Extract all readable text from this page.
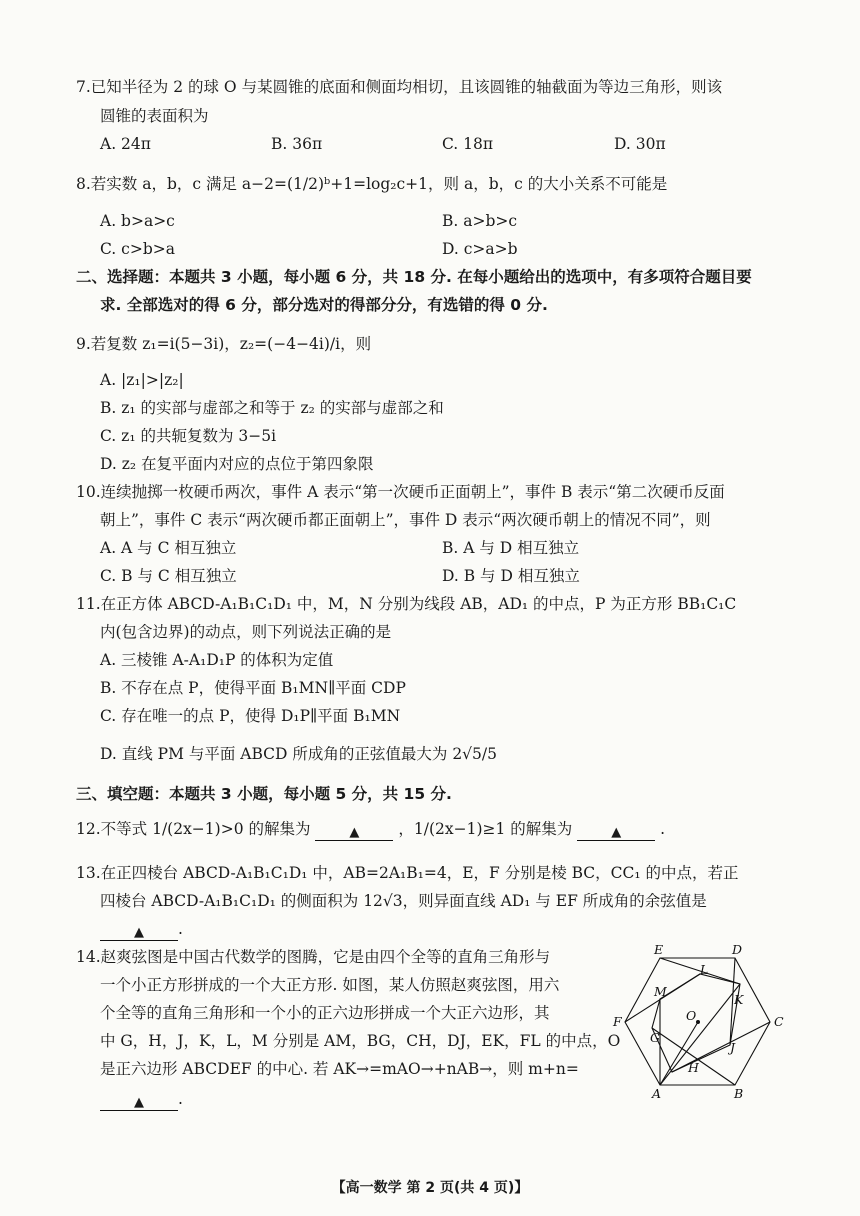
7.已知半径为 2 的球 O 与某圆锥的底面和侧面均相切，且该圆锥的轴截面为等边三角形，则该
圆锥的表面积为
A. 24π	B. 36π	C. 18π	D. 30π
8.若实数 a，b，c 满足 a−2=(1/2)ᵇ+1=log₂c+1，则 a，b，c 的大小关系不可能是
A. b>a>c	B. a>b>c
C. c>b>a	D. c>a>b
二、选择题：本题共 3 小题，每小题 6 分，共 18 分. 在每小题给出的选项中，有多项符合题目要
求. 全部选对的得 6 分，部分选对的得部分分，有选错的得 0 分.
9.若复数 z₁=i(5−3i)，z₂=(−4−4i)/i，则
A. |z₁|>|z₂|
B. z₁ 的实部与虚部之和等于 z₂ 的实部与虚部之和
C. z₁ 的共轭复数为 3−5i
D. z₂ 在复平面内对应的点位于第四象限
10.连续抛掷一枚硬币两次，事件 A 表示“第一次硬币正面朝上”，事件 B 表示“第二次硬币反面
朝上”，事件 C 表示“两次硬币都正面朝上”，事件 D 表示“两次硬币朝上的情况不同”，则
A. A 与 C 相互独立	B. A 与 D 相互独立
C. B 与 C 相互独立	D. B 与 D 相互独立
11.在正方体 ABCD-A₁B₁C₁D₁ 中，M，N 分别为线段 AB，AD₁ 的中点，P 为正方形 BB₁C₁C
内(包含边界)的动点，则下列说法正确的是
A. 三棱锥 A-A₁D₁P 的体积为定值
B. 不存在点 P，使得平面 B₁MN∥平面 CDP
C. 存在唯一的点 P，使得 D₁P∥平面 B₁MN
D. 直线 PM 与平面 ABCD 所成角的正弦值最大为 2√5/5
三、填空题：本题共 3 小题，每小题 5 分，共 15 分.
12.不等式 1/(2x−1)>0 的解集为	▲	，1/(2x−1)≥1 的解集为	▲	.
13.在正四棱台 ABCD-A₁B₁C₁D₁ 中，AB=2A₁B₁=4，E，F 分别是棱 BC，CC₁ 的中点，若正
四棱台 ABCD-A₁B₁C₁D₁ 的侧面积为 12√3，则异面直线 AD₁ 与 EF 所成角的余弦值是
▲ .
14.赵爽弦图是中国古代数学的图腾，它是由四个全等的直角三角形与
一个小正方形拼成的一个大正方形. 如图，某人仿照赵爽弦图，用六
个全等的直角三角形和一个小的正六边形拼成一个大正六边形，其
中 G，H，J，K，L，M 分别是 AM，BG，CH，DJ，EK，FL 的中点，O
是正六边形 ABCDEF 的中心. 若 AK→=mAO→+nAB→，则 m+n=
▲ .
E	D
C
B
A
F
L
K
M
O
G
J
H
【高一数学 第 2 页(共 4 页)】
